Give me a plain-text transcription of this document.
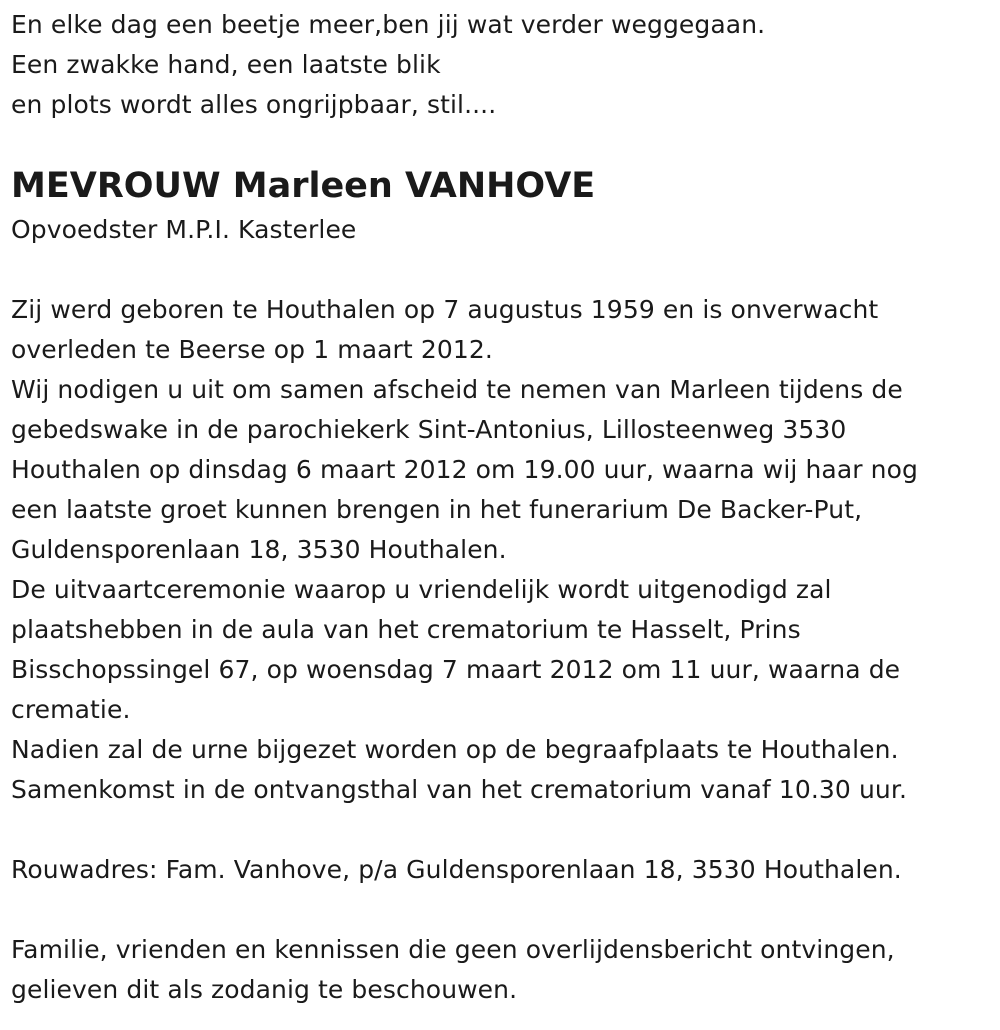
En elke dag een beetje meer,ben jij wat verder weggegaan.
Een zwakke hand, een laatste blik
en plots wordt alles ongrijpbaar, stil....
MEVROUW Marleen VANHOVE
Opvoedster M.P.I. Kasterlee
Zij werd geboren te Houthalen op 7 augustus 1959 en is onverwacht
overleden te Beerse op 1 maart 2012.
Wij nodigen u uit om samen afscheid te nemen van Marleen tijdens de
gebedswake in de parochiekerk Sint-Antonius, Lillosteenweg 3530
Houthalen op dinsdag 6 maart 2012 om 19.00 uur, waarna wij haar nog
een laatste groet kunnen brengen in het funerarium De Backer-Put,
Guldensporenlaan 18, 3530 Houthalen.
De uitvaartceremonie waarop u vriendelijk wordt uitgenodigd zal
plaatshebben in de aula van het crematorium te Hasselt, Prins
Bisschopssingel 67, op woensdag 7 maart 2012 om 11 uur, waarna de
crematie.
Nadien zal de urne bijgezet worden op de begraafplaats te Houthalen.
Samenkomst in de ontvangsthal van het crematorium vanaf 10.30 uur.
Rouwadres: Fam. Vanhove, p/a Guldensporenlaan 18, 3530 Houthalen.
Familie, vrienden en kennissen die geen overlijdensbericht ontvingen,
gelieven dit als zodanig te beschouwen.
